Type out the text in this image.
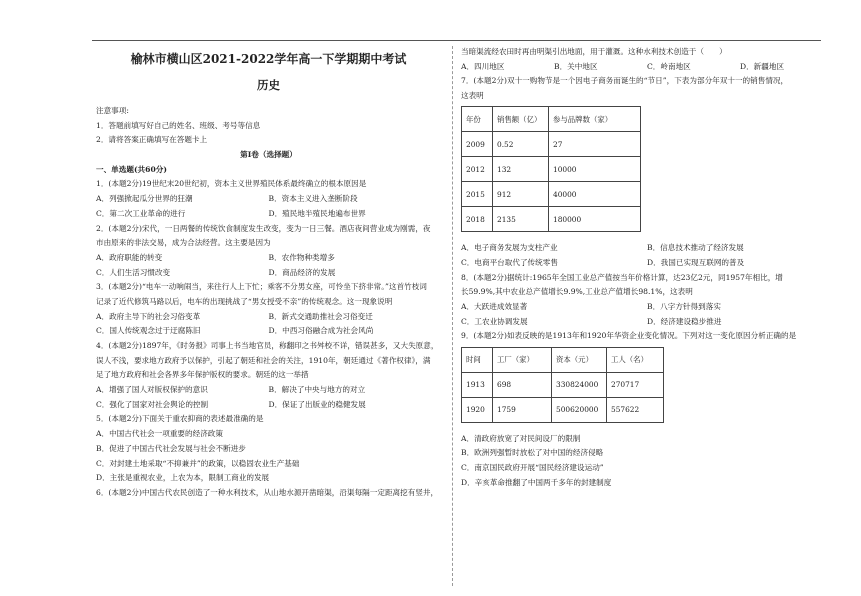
榆林市横山区2021-2022学年高一下学期期中考试
历史
注意事项:
1．答题前填写好自己的姓名、班级、考号等信息
2．请将答案正确填写在答题卡上
第Ⅰ卷（选择题）
一、单选题(共60分)
1．(本题2分)19世纪末20世纪初，资本主义世界殖民体系最终确立的根本原因是
A．列强掀起瓜分世界的狂潮	B．资本主义进入垄断阶段
C．第二次工业革命的进行	D．殖民地半殖民地遍布世界
2．(本题2分)宋代，一日两餐的传统饮食制度发生改变，变为一日三餐。酒店夜间营业成为刚需，夜
市由原来的非法交易，成为合法经营。这主要是因为
A．政府职能的转变	B．农作物种类增多
C．人们生活习惯改变	D．商品经济的发展
3．(本题2分)“电车一动响闹当，来往行人上下忙；乘客不分男女座，可怜坐下挤非常。”这首竹枝词
记录了近代修筑马路以后，电车的出现挑战了“男女授受不亲”的传统观念。这一现象说明
A．政府主导下的社会习俗变革	B．新式交通助推社会习俗变迁
C．国人传统观念过于迂腐陈旧	D．中西习俗融合成为社会风尚
4．(本题2分)1897年，《时务报》司事上书当地官员，称翻印之书舛校不详，错误甚多，又大失原意，
误人不浅，要求地方政府予以保护，引起了朝廷和社会的关注，1910年，朝廷通过《著作权律》，满
足了地方政府和社会各界多年保护版权的要求。朝廷的这一举措
A．增强了国人对版权保护的意识	B．解决了中央与地方的对立
C．强化了国家对社会舆论的控制	D．保证了出版业的稳健发展
5．(本题2分)下面关于重农抑商的表述最准确的是
A．中国古代社会一项重要的经济政策
B．促进了中国古代社会发展与社会不断进步
C．对封建土地采取“不抑兼并”的政策，以稳固农业生产基础
D．主张是重视农业，上农为本，限制工商业的发展
6．(本题2分)中国古代农民创造了一种水利技术，从山地水源开凿暗渠，沿渠每隔一定距离挖有竖井，
当暗渠流经农田时再由明渠引出地面，用于灌溉。这种水利技术创造于（　　）
A．四川地区	B．关中地区	C．岭南地区	D．新疆地区
7．(本题2分)双十一购物节是一个因电子商务而诞生的“节日”，下表为部分年双十一的销售情况，
这表明
年份	销售额（亿）	参与品牌数（家）
2009	0.52	27
2012	132	10000
2015	912	40000
2018	2135	180000
A．电子商务发展为支柱产业	B．信息技术推动了经济发展
C．电商平台取代了传统零售	D．我国已实现互联网的普及
8．(本题2分)据统计:1965年全国工业总产值按当年价格计算，达23亿2元，同1957年相比，增
长59.9%,其中农业总产值增长9.9%,工业总产值增长98.1%，这表明
A．大跃进成效显著	B．八字方针得到落实
C．工农业协调发展	D．经济建设稳步推进
9．(本题2分)如表反映的是1913年和1920年华资企业变化情况。下列对这一变化原因分析正确的是
时间	工厂（家）	资本（元）	工人（名）
1913	698	330824000	270717
1920	1759	500620000	557622
A．清政府放宽了对民间设厂的限制
B．欧洲列强暂时放松了对中国的经济侵略
C．南京国民政府开展“国民经济建设运动”
D．辛亥革命推翻了中国两千多年的封建制度
